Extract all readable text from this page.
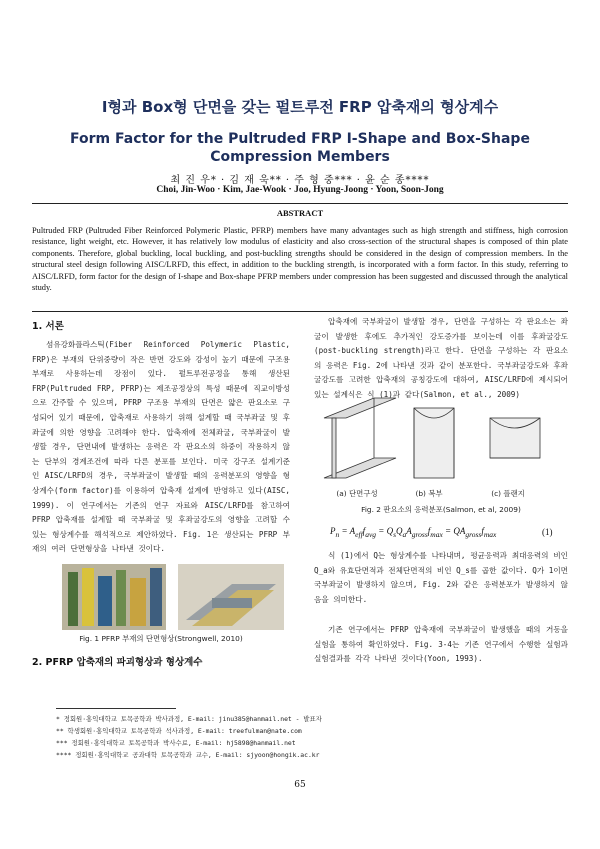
I형과 Box형 단면을 갖는 펄트루전 FRP 압축재의 형상계수
Form Factor for the Pultruded FRP I-Shape and Box-Shape Compression Members
최 진 우* · 김 재 욱** · 주 형 중*** · 윤 순 종****
Choi, Jin-Woo · Kim, Jae-Wook · Joo, Hyung-Joong · Yoon, Soon-Jong
ABSTRACT
Pultruded FRP (Pultruded Fiber Reinforced Polymeric Plastic, PFRP) members have many advantages such as high strength and stiffness, high corrosion resistance, light weight, etc. However, it has relatively low modulus of elasticity and also cross-section of the structural shapes is composed of thin plate components. Therefore, global buckling, local buckling, and post-buckling strengths should be considered in the design of compression members. In the structural steel design following AISC/LRFD, this effect, in addition to the buckling strength, is incorporated with a form factor. In this study, referring to AISC/LRFD, form factor for the design of I-shape and Box-shape PFRP members under compression has been suggested and discussed through the analytical study.
1. 서론
섬유강화플라스틱(Fiber Reinforced Polymeric Plastic, FRP)은 부재의 단위중량이 작은 반면 강도와 강성이 높기 때문에 구조용 부재로 사용하는데 장점이 있다. 펄트루전공정을 통해 생산된 FRP(Pultruded FRP, PFRP)는 제조공정상의 특성 때문에 직교이방성으로 간주할 수 있으며, PFRP 구조용 부재의 단면은 얇은 판요소로 구성되어 있기 때문에, 압축재로 사용하기 위해 설계할 때 국부좌굴 및 후좌굴에 의한 영향을 고려해야 한다. 압축재에 전체좌굴, 국부좌굴이 발생할 경우, 단면내에 발생하는 응력은 각 판요소의 하중이 작용하지 않는 단부의 경계조건에 따라 다른 분포를 보인다. 미국 강구조 설계기준인 AISC/LRFD의 경우, 국부좌굴이 발생할 때의 응력분포의 영향을 형상계수(form factor)를 이용하여 압축재 설계에 반영하고 있다(AISC, 1999). 이 연구에서는 기존의 연구 자료와 AISC/LRFD를 참고하여 PFRP 압축재를 설계할 때 국부좌굴 및 후좌굴강도의 영향을 고려할 수 있는 형상계수를 해석적으로 제안하였다. Fig. 1은 생산되는 PFRP 부재의 여러 단면형상을 나타낸 것이다.
Fig. 1 PFRP 부재의 단면형상(Strongwell, 2010)
2. PFRP 압축재의 파괴형상과 형상계수
압축재에 국부좌굴이 발생할 경우, 단면을 구성하는 각 판요소는 좌굴이 발생한 후에도 추가적인 강도증가를 보이는데 이를 후좌굴강도(post-buckling strength)라고 한다. 단면을 구성하는 각 판요소의 응력은 Fig. 2에 나타낸 것과 같이 분포한다. 국부좌굴강도와 후좌굴강도를 고려한 압축재의 공칭강도에 대하여, AISC/LRFD에 제시되어 있는 설계식은 식 (1)과 같다(Salmon, et al., 2009)
(a) 단면구성	(b) 복부	(c) 플랜지
Fig. 2 판요소의 응력분포(Salmon, et al, 2009)
$P_n = A_{eff}f_{avg} = Q_sQ_aA_{gross}f_{max} = QA_{gross}f_{max}$	(1)
식 (1)에서 Q는 형상계수를 나타내며, 평균응력과 최대응력의 비인 Q_a와 유효단면적과 전체단면적의 비인 Q_s를 곱한 값이다. Q가 1이면 국부좌굴이 발생하지 않으며, Fig. 2와 같은 응력분포가 발생하지 않음을 의미한다.
기존 연구에서는 PFRP 압축재에 국부좌굴이 발생했을 때의 거동을 실험을 통하여 확인하였다. Fig. 3-4는 기존 연구에서 수행한 실험과 실험결과를 각각 나타낸 것이다(Yoon, 1993).
* 정회원·홍익대학교 토목공학과 박사과정, E-mail: jinu385@hanmail.net - 발표자
** 학생회원·홍익대학교 토목공학과 석사과정, E-mail: treefulman@nate.com
*** 정회원·홍익대학교 토목공학과 박사수료, E-mail: hj5898@hanmail.net
**** 정회원·홍익대학교 공과대학 토목공학과 교수, E-mail: sjyoon@hongik.ac.kr
65
